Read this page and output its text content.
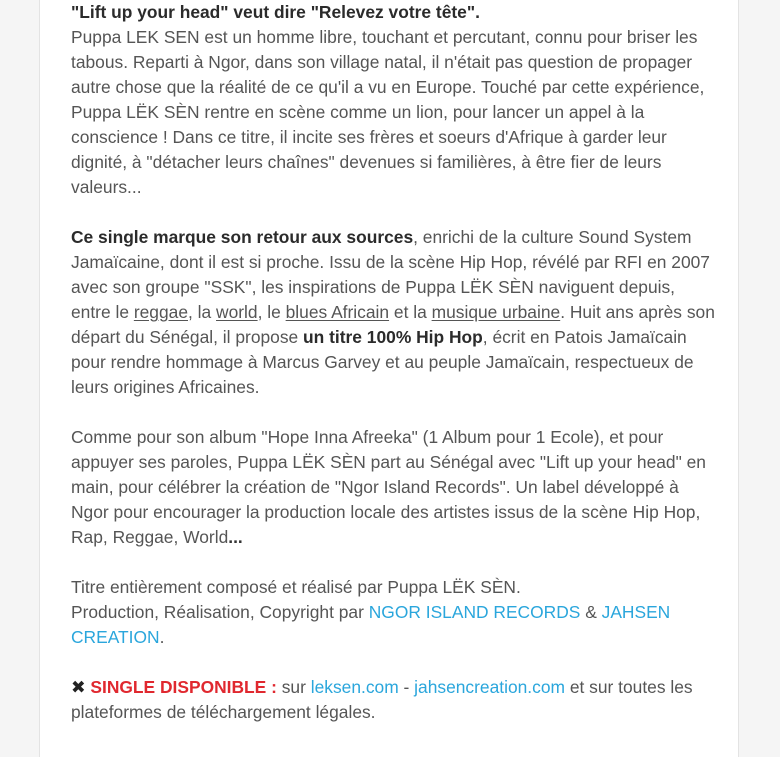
"Lift up your head" veut dire "Relevez votre tête".
Puppa LEK SEN est un homme libre, touchant et percutant, connu pour briser les tabous. Reparti à Ngor, dans son village natal, il n'était pas question de propager autre chose que la réalité de ce qu'il a vu en Europe. Touché par cette expérience, Puppa LËK SÈN rentre en scène comme un lion, pour lancer un appel à la conscience ! Dans ce titre, il incite ses frères et soeurs d'Afrique à garder leur dignité, à "détacher leurs chaînes" devenues si familières, à être fier de leurs valeurs...

Ce single marque son retour aux sources, enrichi de la culture Sound System Jamaïcaine, dont il est si proche. Issu de la scène Hip Hop, révélé par RFI en 2007 avec son groupe "SSK", les inspirations de Puppa LËK SÈN naviguent depuis, entre le reggae, la world, le blues Africain et la musique urbaine. Huit ans après son départ du Sénégal, il propose un titre 100% Hip Hop, écrit en Patois Jamaïcain pour rendre hommage à Marcus Garvey et au peuple Jamaïcain, respectueux de leurs origines Africaines.

Comme pour son album "Hope Inna Afreeka" (1 Album pour 1 Ecole), et pour appuyer ses paroles, Puppa LËK SÈN part au Sénégal avec "Lift up your head" en main, pour célébrer la création de "Ngor Island Records". Un label développé à Ngor pour encourager la production locale des artistes issus de la scène Hip Hop, Rap, Reggae, World...

Titre entièrement composé et réalisé par Puppa LËK SÈN.
Production, Réalisation, Copyright par NGOR ISLAND RECORDS & JAHSEN CREATION.

✖ SINGLE DISPONIBLE : sur leksen.com - jahsencreation.com et sur toutes les plateformes de téléchargement légales.
